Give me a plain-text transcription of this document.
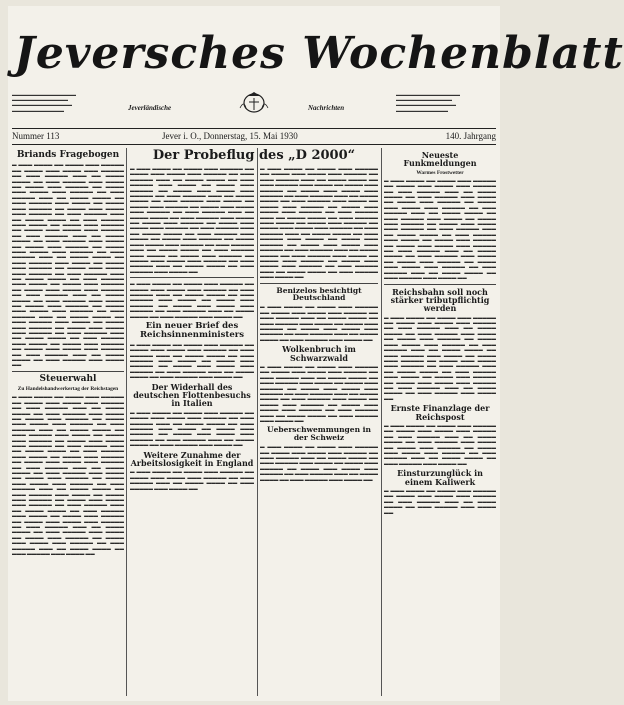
▬▬▬▬▬▬▬▬▬▬▬▬▬▬▬▬
▬▬▬▬▬▬▬▬▬▬▬▬▬▬
▬▬▬▬▬▬▬▬▬▬▬▬▬▬▬
▬▬▬▬▬▬▬▬▬▬▬▬▬
Jeversches Wochenblatt
Jeverländische	Nachrichten
▬▬▬▬▬▬▬▬▬▬▬▬▬▬▬▬
▬▬▬▬▬▬▬▬▬▬▬▬▬▬
▬▬▬▬▬▬▬▬▬▬▬▬▬▬▬
▬▬▬▬▬▬▬▬▬▬▬▬▬
Nummer 113	Jever i. O., Donnerstag, 15. Mai 1930	140. Jahrgang
Briands Fragebogen
▬ ▬▬▬ ▬▬▬▬ ▬▬ ▬▬▬▬ ▬▬▬ ▬▬▬▬▬ ▬▬ ▬▬▬▬ ▬▬▬ ▬▬▬▬ ▬▬▬ ▬▬▬▬▬ ▬▬ ▬▬▬ ▬▬▬▬▬ ▬▬▬ ▬▬ ▬▬▬▬ ▬▬▬▬ ▬▬ ▬▬▬ ▬▬▬▬▬ ▬▬▬ ▬▬▬▬ ▬▬ ▬▬▬▬ ▬▬▬ ▬▬▬▬▬ ▬▬ ▬▬▬▬ ▬▬▬ ▬▬▬▬ ▬▬▬ ▬▬▬▬▬ ▬▬ ▬▬▬ ▬▬▬▬▬ ▬▬▬ ▬▬ ▬▬▬▬ ▬▬▬▬ ▬▬ ▬▬▬ ▬▬▬▬▬ ▬▬▬ ▬▬▬▬ ▬▬ ▬▬▬▬ ▬▬▬ ▬▬▬▬▬ ▬▬ ▬▬▬▬ ▬▬▬ ▬▬▬▬ ▬▬▬ ▬▬▬▬▬ ▬▬ ▬▬▬ ▬▬▬▬▬ ▬▬▬ ▬▬ ▬▬▬▬ ▬▬▬▬ ▬▬ ▬▬▬ ▬▬▬▬▬ ▬▬▬ ▬▬▬▬ ▬▬ ▬▬▬▬ ▬▬▬ ▬▬▬▬▬ ▬▬ ▬▬▬▬ ▬▬▬ ▬▬▬▬ ▬▬▬ ▬▬▬▬▬ ▬▬ ▬▬▬ ▬▬▬▬▬ ▬▬▬ ▬▬ ▬▬▬▬ ▬▬▬▬ ▬▬ ▬▬▬ ▬▬▬▬▬ ▬▬▬ ▬▬▬▬ ▬▬ ▬▬▬▬ ▬▬▬ ▬▬▬▬▬ ▬▬ ▬▬▬▬ ▬▬▬ ▬▬▬▬ ▬▬▬ ▬▬▬▬▬ ▬▬ ▬▬▬ ▬▬▬▬▬ ▬▬▬ ▬▬ ▬▬▬▬ ▬▬▬▬ ▬▬ ▬▬▬ ▬▬▬▬▬ ▬▬▬ ▬▬▬▬ ▬▬ ▬▬▬▬ ▬▬▬ ▬▬▬▬▬ ▬▬ ▬▬▬▬ ▬▬▬ ▬▬▬▬ ▬▬▬ ▬▬▬▬▬ ▬▬ ▬▬▬ ▬▬▬▬▬ ▬▬▬ ▬▬ ▬▬▬▬ ▬▬▬▬ ▬▬ ▬▬▬ ▬▬▬▬▬ ▬▬▬ ▬▬▬▬ ▬▬ ▬▬▬▬ ▬▬▬ ▬▬▬▬▬ ▬▬ ▬▬▬▬ ▬▬▬ ▬▬▬▬ ▬▬▬ ▬▬▬▬▬ ▬▬ ▬▬▬ ▬▬▬▬▬ ▬▬▬ ▬▬ ▬▬▬▬ ▬▬▬▬ ▬▬ ▬▬▬ ▬▬▬▬▬ ▬▬▬ ▬▬▬▬ ▬▬ ▬▬▬▬ ▬▬▬ ▬▬▬▬▬ ▬▬ ▬▬▬▬ ▬▬▬ ▬▬▬▬ ▬▬▬ ▬▬▬▬▬ ▬▬ ▬▬▬ ▬▬▬▬▬ ▬▬▬ ▬▬ ▬▬▬▬ ▬▬▬▬ ▬▬ ▬▬▬ ▬▬▬▬▬ ▬▬▬ ▬▬▬▬ ▬▬ ▬▬▬▬ ▬▬▬ ▬▬▬▬▬ ▬▬ ▬▬▬▬ ▬▬▬ ▬▬▬▬ ▬▬▬ ▬▬▬▬▬ ▬▬ ▬▬▬ ▬▬▬▬▬ ▬▬▬ ▬▬ ▬▬▬▬ ▬▬▬▬ ▬▬ ▬▬▬ ▬▬▬▬▬ ▬▬▬ ▬▬▬▬ ▬▬ ▬▬▬▬ ▬▬▬ ▬▬▬▬▬ ▬▬ ▬▬▬▬ ▬▬▬ ▬▬▬▬ ▬▬▬ ▬▬▬▬▬ ▬▬ ▬▬▬ ▬▬▬▬▬ ▬▬▬ ▬▬ ▬▬▬▬ ▬▬▬▬ ▬▬ ▬▬▬ ▬▬▬▬▬ ▬▬▬ ▬▬▬▬ ▬▬
Steuerwahl
Zu Handelshandwerkertag der Reichstagen
▬ ▬▬▬ ▬▬▬▬ ▬▬ ▬▬▬▬ ▬▬▬ ▬▬▬▬▬ ▬▬ ▬▬▬▬ ▬▬▬ ▬▬▬▬ ▬▬▬ ▬▬▬▬▬ ▬▬ ▬▬▬ ▬▬▬▬▬ ▬▬▬ ▬▬ ▬▬▬▬ ▬▬▬▬ ▬▬ ▬▬▬ ▬▬▬▬▬ ▬▬▬ ▬▬▬▬ ▬▬ ▬▬▬▬ ▬▬▬ ▬▬▬▬▬ ▬▬ ▬▬▬▬ ▬▬▬ ▬▬▬▬ ▬▬▬ ▬▬▬▬▬ ▬▬ ▬▬▬ ▬▬▬▬▬ ▬▬▬ ▬▬ ▬▬▬▬ ▬▬▬▬ ▬▬ ▬▬▬ ▬▬▬▬▬ ▬▬▬ ▬▬▬▬ ▬▬ ▬▬▬▬ ▬▬▬ ▬▬▬▬▬ ▬▬ ▬▬▬▬ ▬▬▬ ▬▬▬▬ ▬▬▬ ▬▬▬▬▬ ▬▬ ▬▬▬ ▬▬▬▬▬ ▬▬▬ ▬▬ ▬▬▬▬ ▬▬▬▬ ▬▬ ▬▬▬ ▬▬▬▬▬ ▬▬▬ ▬▬▬▬ ▬▬ ▬▬▬▬ ▬▬▬ ▬▬▬▬▬ ▬▬ ▬▬▬▬ ▬▬▬ ▬▬▬▬ ▬▬▬ ▬▬▬▬▬ ▬▬ ▬▬▬ ▬▬▬▬▬ ▬▬▬ ▬▬ ▬▬▬▬ ▬▬▬▬ ▬▬ ▬▬▬ ▬▬▬▬▬ ▬▬▬ ▬▬▬▬ ▬▬ ▬▬▬▬ ▬▬▬ ▬▬▬▬▬ ▬▬ ▬▬▬▬ ▬▬▬ ▬▬▬▬ ▬▬▬ ▬▬▬▬▬ ▬▬ ▬▬▬ ▬▬▬▬▬ ▬▬▬ ▬▬ ▬▬▬▬ ▬▬▬▬ ▬▬ ▬▬▬ ▬▬▬▬▬ ▬▬▬ ▬▬▬▬ ▬▬ ▬▬▬▬ ▬▬▬ ▬▬▬▬▬ ▬▬ ▬▬▬▬ ▬▬▬ ▬▬▬▬ ▬▬▬ ▬▬▬▬▬ ▬▬ ▬▬▬ ▬▬▬▬▬ ▬▬▬ ▬▬ ▬▬▬▬ ▬▬▬▬ ▬▬ ▬▬▬ ▬▬▬▬▬ ▬▬▬ ▬▬▬▬ ▬▬ ▬▬▬▬ ▬▬▬ ▬▬▬▬▬ ▬▬ ▬▬▬▬ ▬▬▬ ▬▬▬▬ ▬▬▬ ▬▬▬▬▬ ▬▬ ▬▬▬ ▬▬▬▬▬ ▬▬▬ ▬▬ ▬▬▬▬ ▬▬▬▬ ▬▬ ▬▬▬ ▬▬▬▬▬ ▬▬▬ ▬▬▬▬ ▬▬ ▬▬▬▬ ▬▬▬ ▬▬▬▬▬ ▬▬ ▬▬▬▬ ▬▬▬ ▬▬▬▬ ▬▬▬ ▬▬▬▬▬ ▬▬ ▬▬▬ ▬▬▬▬▬ ▬▬▬ ▬▬ ▬▬▬▬ ▬▬▬▬ ▬▬ ▬▬▬ ▬▬▬▬▬ ▬▬▬ ▬▬▬▬ ▬▬
Der Probeflug des „D 2000“
▬ ▬▬▬ ▬▬▬▬ ▬▬ ▬▬▬▬ ▬▬▬ ▬▬▬▬▬ ▬▬ ▬▬▬▬ ▬▬▬ ▬▬▬▬ ▬▬▬ ▬▬▬▬▬ ▬▬ ▬▬▬ ▬▬▬▬▬ ▬▬▬ ▬▬ ▬▬▬▬ ▬▬▬▬ ▬▬ ▬▬▬ ▬▬▬▬▬ ▬▬▬ ▬▬▬▬ ▬▬ ▬▬▬▬ ▬▬▬ ▬▬▬▬▬ ▬▬ ▬▬▬▬ ▬▬▬ ▬▬▬▬ ▬▬▬ ▬▬▬▬▬ ▬▬ ▬▬▬ ▬▬▬▬▬ ▬▬▬ ▬▬ ▬▬▬▬ ▬▬▬▬ ▬▬ ▬▬▬ ▬▬▬▬▬ ▬▬▬ ▬▬▬▬ ▬▬ ▬▬▬▬ ▬▬▬ ▬▬▬▬▬ ▬▬ ▬▬▬▬ ▬▬▬ ▬▬▬▬ ▬▬▬ ▬▬▬▬▬ ▬▬ ▬▬▬ ▬▬▬▬▬ ▬▬▬ ▬▬ ▬▬▬▬ ▬▬▬▬ ▬▬ ▬▬▬ ▬▬▬▬▬ ▬▬▬ ▬▬▬▬ ▬▬ ▬▬▬▬ ▬▬▬ ▬▬▬▬▬ ▬▬ ▬▬▬▬ ▬▬▬ ▬▬▬▬ ▬▬▬ ▬▬▬▬▬ ▬▬ ▬▬▬ ▬▬▬▬▬ ▬▬▬ ▬▬ ▬▬▬▬ ▬▬▬▬ ▬▬ ▬▬▬ ▬▬▬▬▬ ▬▬▬ ▬▬▬▬ ▬▬ ▬▬▬▬ ▬▬▬ ▬▬▬▬▬ ▬▬ ▬▬▬▬ ▬▬▬ ▬▬▬▬ ▬▬▬ ▬▬▬▬▬ ▬▬ ▬▬▬ ▬▬▬▬▬ ▬▬▬ ▬▬ ▬▬▬▬ ▬▬▬▬ ▬▬ ▬▬▬ ▬▬▬▬▬ ▬▬▬ ▬▬▬▬ ▬▬ ▬▬▬▬ ▬▬▬ ▬▬▬▬▬ ▬▬ ▬▬▬▬ ▬▬▬ ▬▬▬▬ ▬▬▬ ▬▬▬▬▬ ▬▬ ▬▬▬ ▬▬▬▬▬ ▬▬▬ ▬▬ ▬▬▬▬ ▬▬▬▬ ▬▬ ▬▬▬ ▬▬▬▬▬ ▬▬▬ ▬▬▬▬ ▬▬
▬ ▬▬▬ ▬▬▬▬ ▬▬ ▬▬▬▬ ▬▬▬ ▬▬▬▬▬ ▬▬ ▬▬▬▬ ▬▬▬ ▬▬▬▬ ▬▬▬ ▬▬▬▬▬ ▬▬ ▬▬▬ ▬▬▬▬▬ ▬▬▬ ▬▬ ▬▬▬▬ ▬▬▬▬ ▬▬ ▬▬▬ ▬▬▬▬▬ ▬▬▬ ▬▬▬▬ ▬▬ ▬▬▬▬ ▬▬▬ ▬▬▬▬▬ ▬▬ ▬▬▬▬ ▬▬▬ ▬▬▬▬ ▬▬▬ ▬▬▬▬▬ ▬▬ ▬▬▬ ▬▬▬▬▬ ▬▬▬ ▬▬ ▬▬▬▬ ▬▬▬▬ ▬▬ ▬▬▬ ▬▬▬▬▬ ▬▬▬ ▬▬▬▬ ▬▬
Ein neuer Brief des Reichsinnenministers
▬ ▬▬▬ ▬▬▬▬ ▬▬ ▬▬▬▬ ▬▬▬ ▬▬▬▬▬ ▬▬ ▬▬▬▬ ▬▬▬ ▬▬▬▬ ▬▬▬ ▬▬▬▬▬ ▬▬ ▬▬▬ ▬▬▬▬▬ ▬▬▬ ▬▬ ▬▬▬▬ ▬▬▬▬ ▬▬ ▬▬▬ ▬▬▬▬▬ ▬▬▬ ▬▬▬▬ ▬▬ ▬▬▬▬ ▬▬▬ ▬▬▬▬▬ ▬▬ ▬▬▬▬ ▬▬▬ ▬▬▬▬ ▬▬▬ ▬▬▬▬▬ ▬▬ ▬▬▬ ▬▬▬▬▬ ▬▬▬ ▬▬ ▬▬▬▬ ▬▬▬▬ ▬▬ ▬▬▬ ▬▬▬▬▬ ▬▬▬ ▬▬▬▬ ▬▬
Der Widerhall des deutschen Flottenbesuchs in Italien
▬ ▬▬▬ ▬▬▬▬ ▬▬ ▬▬▬▬ ▬▬▬ ▬▬▬▬▬ ▬▬ ▬▬▬▬ ▬▬▬ ▬▬▬▬ ▬▬▬ ▬▬▬▬▬ ▬▬ ▬▬▬ ▬▬▬▬▬ ▬▬▬ ▬▬ ▬▬▬▬ ▬▬▬▬ ▬▬ ▬▬▬ ▬▬▬▬▬ ▬▬▬ ▬▬▬▬ ▬▬ ▬▬▬▬ ▬▬▬ ▬▬▬▬▬ ▬▬ ▬▬▬▬ ▬▬▬ ▬▬▬▬ ▬▬▬ ▬▬▬▬▬ ▬▬ ▬▬▬ ▬▬▬▬▬ ▬▬▬ ▬▬ ▬▬▬▬ ▬▬▬▬ ▬▬ ▬▬▬ ▬▬▬▬▬ ▬▬▬ ▬▬▬▬ ▬▬
Weitere Zunahme der Arbeitslosigkeit in England
▬ ▬▬▬ ▬▬▬▬ ▬▬ ▬▬▬▬ ▬▬▬ ▬▬▬▬▬ ▬▬ ▬▬▬▬ ▬▬▬ ▬▬▬▬ ▬▬▬ ▬▬▬▬▬ ▬▬ ▬▬▬ ▬▬▬▬▬ ▬▬▬ ▬▬ ▬▬▬▬ ▬▬▬▬ ▬▬ ▬▬▬ ▬▬▬▬▬ ▬▬▬ ▬▬▬▬ ▬▬
▬ ▬▬▬ ▬▬▬▬ ▬▬ ▬▬▬▬ ▬▬▬ ▬▬▬▬▬ ▬▬ ▬▬▬▬ ▬▬▬ ▬▬▬▬ ▬▬▬ ▬▬▬▬▬ ▬▬ ▬▬▬ ▬▬▬▬▬ ▬▬▬ ▬▬ ▬▬▬▬ ▬▬▬▬ ▬▬ ▬▬▬ ▬▬▬▬▬ ▬▬▬ ▬▬▬▬ ▬▬ ▬▬▬▬ ▬▬▬ ▬▬▬▬▬ ▬▬ ▬▬▬▬ ▬▬▬ ▬▬▬▬ ▬▬▬ ▬▬▬▬▬ ▬▬ ▬▬▬ ▬▬▬▬▬ ▬▬▬ ▬▬ ▬▬▬▬ ▬▬▬▬ ▬▬ ▬▬▬ ▬▬▬▬▬ ▬▬▬ ▬▬▬▬ ▬▬ ▬▬▬▬ ▬▬▬ ▬▬▬▬▬ ▬▬ ▬▬▬▬ ▬▬▬ ▬▬▬▬ ▬▬▬ ▬▬▬▬▬ ▬▬ ▬▬▬ ▬▬▬▬▬ ▬▬▬ ▬▬ ▬▬▬▬ ▬▬▬▬ ▬▬ ▬▬▬ ▬▬▬▬▬ ▬▬▬ ▬▬▬▬ ▬▬ ▬▬▬▬ ▬▬▬ ▬▬▬▬▬ ▬▬ ▬▬▬▬ ▬▬▬ ▬▬▬▬ ▬▬▬ ▬▬▬▬▬ ▬▬ ▬▬▬ ▬▬▬▬▬ ▬▬▬ ▬▬ ▬▬▬▬ ▬▬▬▬ ▬▬ ▬▬▬ ▬▬▬▬▬ ▬▬▬ ▬▬▬▬ ▬▬ ▬▬▬▬ ▬▬▬ ▬▬▬▬▬ ▬▬ ▬▬▬▬ ▬▬▬ ▬▬▬▬ ▬▬▬ ▬▬▬▬▬ ▬▬ ▬▬▬ ▬▬▬▬▬ ▬▬▬ ▬▬ ▬▬▬▬ ▬▬▬▬ ▬▬ ▬▬▬ ▬▬▬▬▬ ▬▬▬ ▬▬▬▬ ▬▬ ▬▬▬▬ ▬▬▬ ▬▬▬▬▬ ▬▬ ▬▬▬▬ ▬▬▬ ▬▬▬▬ ▬▬▬ ▬▬▬▬▬ ▬▬ ▬▬▬ ▬▬▬▬▬ ▬▬▬ ▬▬ ▬▬▬▬ ▬▬▬▬ ▬▬ ▬▬▬ ▬▬▬▬▬ ▬▬▬ ▬▬▬▬ ▬▬
Benizelos besichtigt Deutschland
▬ ▬▬▬ ▬▬▬▬ ▬▬ ▬▬▬▬ ▬▬▬ ▬▬▬▬▬ ▬▬ ▬▬▬▬ ▬▬▬ ▬▬▬▬ ▬▬▬ ▬▬▬▬▬ ▬▬ ▬▬▬ ▬▬▬▬▬ ▬▬▬ ▬▬ ▬▬▬▬ ▬▬▬▬ ▬▬ ▬▬▬ ▬▬▬▬▬ ▬▬▬ ▬▬▬▬ ▬▬ ▬▬▬▬ ▬▬▬ ▬▬▬▬▬ ▬▬ ▬▬▬▬ ▬▬▬ ▬▬▬▬ ▬▬▬ ▬▬▬▬▬ ▬▬ ▬▬▬ ▬▬▬▬▬ ▬▬▬ ▬▬ ▬▬▬▬ ▬▬▬▬ ▬▬ ▬▬▬ ▬▬▬▬▬ ▬▬▬ ▬▬▬▬ ▬▬
Wolkenbruch im Schwarzwald
▬ ▬▬▬ ▬▬▬▬ ▬▬ ▬▬▬▬ ▬▬▬ ▬▬▬▬▬ ▬▬ ▬▬▬▬ ▬▬▬ ▬▬▬▬ ▬▬▬ ▬▬▬▬▬ ▬▬ ▬▬▬ ▬▬▬▬▬ ▬▬▬ ▬▬ ▬▬▬▬ ▬▬▬▬ ▬▬ ▬▬▬ ▬▬▬▬▬ ▬▬▬ ▬▬▬▬ ▬▬ ▬▬▬▬ ▬▬▬ ▬▬▬▬▬ ▬▬ ▬▬▬▬ ▬▬▬ ▬▬▬▬ ▬▬▬ ▬▬▬▬▬ ▬▬ ▬▬▬ ▬▬▬▬▬ ▬▬▬ ▬▬ ▬▬▬▬ ▬▬▬▬ ▬▬ ▬▬▬ ▬▬▬▬▬ ▬▬▬ ▬▬▬▬ ▬▬ ▬▬▬▬ ▬▬▬ ▬▬▬▬▬ ▬▬ ▬▬▬▬ ▬▬▬ ▬▬▬▬ ▬▬▬ ▬▬▬▬▬ ▬▬ ▬▬▬ ▬▬▬▬▬ ▬▬▬ ▬▬ ▬▬▬▬ ▬▬▬▬ ▬▬ ▬▬▬ ▬▬▬▬▬ ▬▬▬ ▬▬▬▬ ▬▬
Ueberschwemmungen in der Schweiz
▬ ▬▬▬ ▬▬▬▬ ▬▬ ▬▬▬▬ ▬▬▬ ▬▬▬▬▬ ▬▬ ▬▬▬▬ ▬▬▬ ▬▬▬▬ ▬▬▬ ▬▬▬▬▬ ▬▬ ▬▬▬ ▬▬▬▬▬ ▬▬▬ ▬▬ ▬▬▬▬ ▬▬▬▬ ▬▬ ▬▬▬ ▬▬▬▬▬ ▬▬▬ ▬▬▬▬ ▬▬ ▬▬▬▬ ▬▬▬ ▬▬▬▬▬ ▬▬ ▬▬▬▬ ▬▬▬ ▬▬▬▬ ▬▬▬ ▬▬▬▬▬ ▬▬ ▬▬▬ ▬▬▬▬▬ ▬▬▬ ▬▬ ▬▬▬▬ ▬▬▬▬ ▬▬ ▬▬▬ ▬▬▬▬▬ ▬▬▬ ▬▬▬▬ ▬▬
Neueste Funkmeldungen
Warmes Frostwetter
▬ ▬▬▬ ▬▬▬▬ ▬▬ ▬▬▬▬ ▬▬▬ ▬▬▬▬▬ ▬▬ ▬▬▬▬ ▬▬▬ ▬▬▬▬ ▬▬▬ ▬▬▬▬▬ ▬▬ ▬▬▬ ▬▬▬▬▬ ▬▬▬ ▬▬ ▬▬▬▬ ▬▬▬▬ ▬▬ ▬▬▬ ▬▬▬▬▬ ▬▬▬ ▬▬▬▬ ▬▬ ▬▬▬▬ ▬▬▬ ▬▬▬▬▬ ▬▬ ▬▬▬▬ ▬▬▬ ▬▬▬▬ ▬▬▬ ▬▬▬▬▬ ▬▬ ▬▬▬ ▬▬▬▬▬ ▬▬▬ ▬▬ ▬▬▬▬ ▬▬▬▬ ▬▬ ▬▬▬ ▬▬▬▬▬ ▬▬▬ ▬▬▬▬ ▬▬ ▬▬▬▬ ▬▬▬ ▬▬▬▬▬ ▬▬ ▬▬▬▬ ▬▬▬ ▬▬▬▬ ▬▬▬ ▬▬▬▬▬ ▬▬ ▬▬▬ ▬▬▬▬▬ ▬▬▬ ▬▬ ▬▬▬▬ ▬▬▬▬ ▬▬ ▬▬▬ ▬▬▬▬▬ ▬▬▬ ▬▬▬▬ ▬▬ ▬▬▬▬ ▬▬▬ ▬▬▬▬▬ ▬▬ ▬▬▬▬ ▬▬▬ ▬▬▬▬ ▬▬▬ ▬▬▬▬▬ ▬▬ ▬▬▬ ▬▬▬▬▬ ▬▬▬ ▬▬ ▬▬▬▬ ▬▬▬▬ ▬▬ ▬▬▬ ▬▬▬▬▬ ▬▬▬ ▬▬▬▬ ▬▬ ▬▬▬▬ ▬▬▬ ▬▬▬▬▬ ▬▬ ▬▬▬▬ ▬▬▬ ▬▬▬▬ ▬▬▬ ▬▬▬▬▬ ▬▬ ▬▬▬ ▬▬▬▬▬ ▬▬▬ ▬▬ ▬▬▬▬ ▬▬▬▬ ▬▬ ▬▬▬ ▬▬▬▬▬ ▬▬▬ ▬▬▬▬ ▬▬
Reichsbahn soll noch stärker tributpflichtig werden
▬ ▬▬▬ ▬▬▬▬ ▬▬ ▬▬▬▬ ▬▬▬ ▬▬▬▬▬ ▬▬ ▬▬▬▬ ▬▬▬ ▬▬▬▬ ▬▬▬ ▬▬▬▬▬ ▬▬ ▬▬▬ ▬▬▬▬▬ ▬▬▬ ▬▬ ▬▬▬▬ ▬▬▬▬ ▬▬ ▬▬▬ ▬▬▬▬▬ ▬▬▬ ▬▬▬▬ ▬▬ ▬▬▬▬ ▬▬▬ ▬▬▬▬▬ ▬▬ ▬▬▬▬ ▬▬▬ ▬▬▬▬ ▬▬▬ ▬▬▬▬▬ ▬▬ ▬▬▬ ▬▬▬▬▬ ▬▬▬ ▬▬ ▬▬▬▬ ▬▬▬▬ ▬▬ ▬▬▬ ▬▬▬▬▬ ▬▬▬ ▬▬▬▬ ▬▬ ▬▬▬▬ ▬▬▬ ▬▬▬▬▬ ▬▬ ▬▬▬▬ ▬▬▬ ▬▬▬▬ ▬▬▬ ▬▬▬▬▬ ▬▬ ▬▬▬ ▬▬▬▬▬ ▬▬▬ ▬▬ ▬▬▬▬ ▬▬▬▬ ▬▬ ▬▬▬ ▬▬▬▬▬ ▬▬▬ ▬▬▬▬ ▬▬ ▬▬▬▬ ▬▬▬ ▬▬▬▬▬ ▬▬ ▬▬▬▬ ▬▬▬ ▬▬▬▬ ▬▬▬ ▬▬▬▬▬ ▬▬ ▬▬▬ ▬▬▬▬▬ ▬▬▬ ▬▬ ▬▬▬▬ ▬▬▬▬ ▬▬ ▬▬▬ ▬▬▬▬▬ ▬▬▬ ▬▬▬▬ ▬▬
Ernste Finanzlage der Reichspost
▬ ▬▬▬ ▬▬▬▬ ▬▬ ▬▬▬▬ ▬▬▬ ▬▬▬▬▬ ▬▬ ▬▬▬▬ ▬▬▬ ▬▬▬▬ ▬▬▬ ▬▬▬▬▬ ▬▬ ▬▬▬ ▬▬▬▬▬ ▬▬▬ ▬▬ ▬▬▬▬ ▬▬▬▬ ▬▬ ▬▬▬ ▬▬▬▬▬ ▬▬▬ ▬▬▬▬ ▬▬ ▬▬▬▬ ▬▬▬ ▬▬▬▬▬ ▬▬ ▬▬▬▬ ▬▬▬ ▬▬▬▬ ▬▬▬ ▬▬▬▬▬ ▬▬ ▬▬▬ ▬▬▬▬▬ ▬▬▬ ▬▬ ▬▬▬▬ ▬▬▬▬ ▬▬ ▬▬▬ ▬▬▬▬▬ ▬▬▬ ▬▬▬▬ ▬▬
Einsturzunglück in einem Kaliwerk
▬ ▬▬▬ ▬▬▬▬ ▬▬ ▬▬▬▬ ▬▬▬ ▬▬▬▬▬ ▬▬ ▬▬▬▬ ▬▬▬ ▬▬▬▬ ▬▬▬ ▬▬▬▬▬ ▬▬ ▬▬▬ ▬▬▬▬▬ ▬▬▬ ▬▬ ▬▬▬▬ ▬▬▬▬ ▬▬ ▬▬▬ ▬▬▬▬▬ ▬▬▬ ▬▬▬▬ ▬▬
